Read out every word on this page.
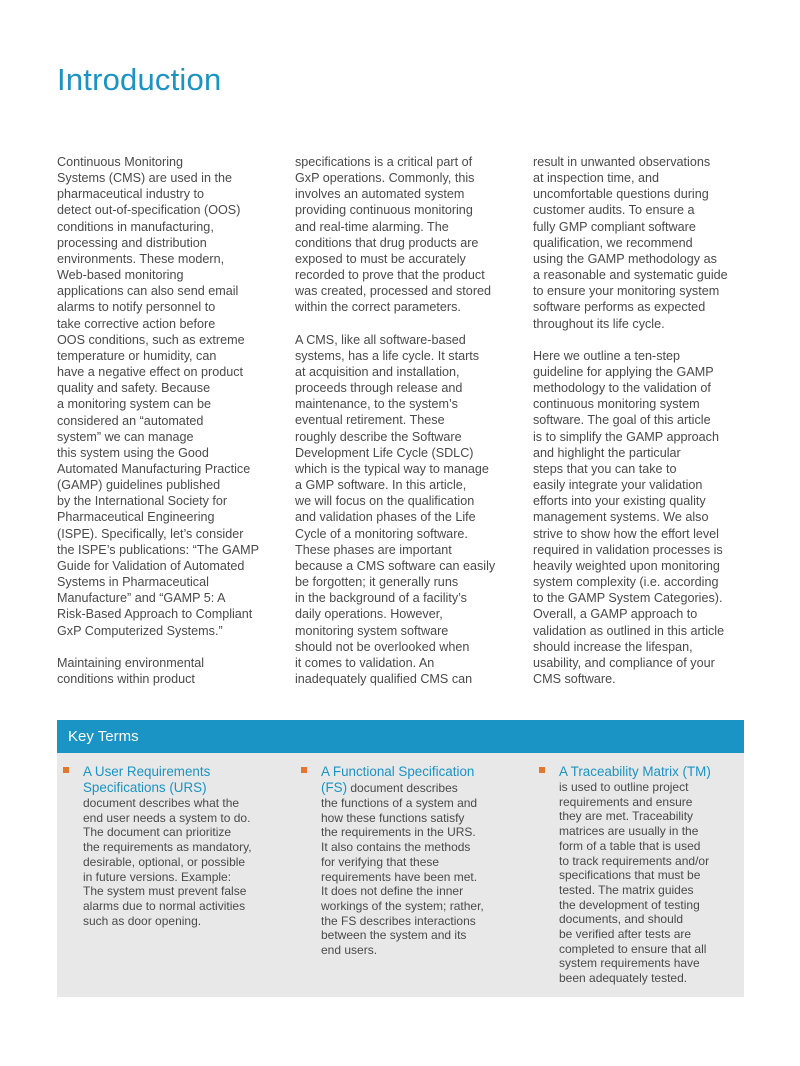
Introduction

Continuous Monitoring
Systems (CMS) are used in the
pharmaceutical industry to
detect out-of-specification (OOS)
conditions in manufacturing,
processing and distribution
environments. These modern,
Web-based monitoring
applications can also send email
alarms to notify personnel to
take corrective action before
OOS conditions, such as extreme
temperature or humidity, can
have a negative effect on product
quality and safety. Because
a monitoring system can be
considered an “automated
system” we can manage
this system using the Good
Automated Manufacturing Practice
(GAMP) guidelines published
by the International Society for
Pharmaceutical Engineering
(ISPE). Specifically, let’s consider
the ISPE’s publications: “The GAMP
Guide for Validation of Automated
Systems in Pharmaceutical
Manufacture” and “GAMP 5: A
Risk-Based Approach to Compliant
GxP Computerized Systems.”

Maintaining environmental
conditions within product

specifications is a critical part of
GxP operations. Commonly, this
involves an automated system
providing continuous monitoring
and real-time alarming. The
conditions that drug products are
exposed to must be accurately
recorded to prove that the product
was created, processed and stored
within the correct parameters.

A CMS, like all software-based
systems, has a life cycle. It starts
at acquisition and installation,
proceeds through release and
maintenance, to the system’s
eventual retirement. These
roughly describe the Software
Development Life Cycle (SDLC)
which is the typical way to manage
a GMP software. In this article,
we will focus on the qualification
and validation phases of the Life
Cycle of a monitoring software.
These phases are important
because a CMS software can easily
be forgotten; it generally runs
in the background of a facility’s
daily operations. However,
monitoring system software
should not be overlooked when
it comes to validation. An
inadequately qualified CMS can

result in unwanted observations
at inspection time, and
uncomfortable questions during
customer audits. To ensure a
fully GMP compliant software
qualification, we recommend
using the GAMP methodology as
a reasonable and systematic guide
to ensure your monitoring system
software performs as expected
throughout its life cycle.

Here we outline a ten-step
guideline for applying the GAMP
methodology to the validation of
continuous monitoring system
software. The goal of this article
is to simplify the GAMP approach
and highlight the particular
steps that you can take to
easily integrate your validation
efforts into your existing quality
management systems. We also
strive to show how the effort level
required in validation processes is
heavily weighted upon monitoring
system complexity (i.e. according
to the GAMP System Categories).
Overall, a GAMP approach to
validation as outlined in this article
should increase the lifespan,
usability, and compliance of your
CMS software.

Key Terms
A User Requirements
Specifications (URS)
document describes what the
end user needs a system to do.
The document can prioritize
the requirements as mandatory,
desirable, optional, or possible
in future versions. Example:
The system must prevent false
alarms due to normal activities
such as door opening.
A Functional Specification
(FS) document describes
the functions of a system and
how these functions satisfy
the requirements in the URS.
It also contains the methods
for verifying that these
requirements have been met.
It does not define the inner
workings of the system; rather,
the FS describes interactions
between the system and its
end users.
A Traceability Matrix (TM)
is used to outline project
requirements and ensure
they are met. Traceability
matrices are usually in the
form of a table that is used
to track requirements and/or
specifications that must be
tested. The matrix guides
the development of testing
documents, and should
be verified after tests are
completed to ensure that all
system requirements have
been adequately tested.
